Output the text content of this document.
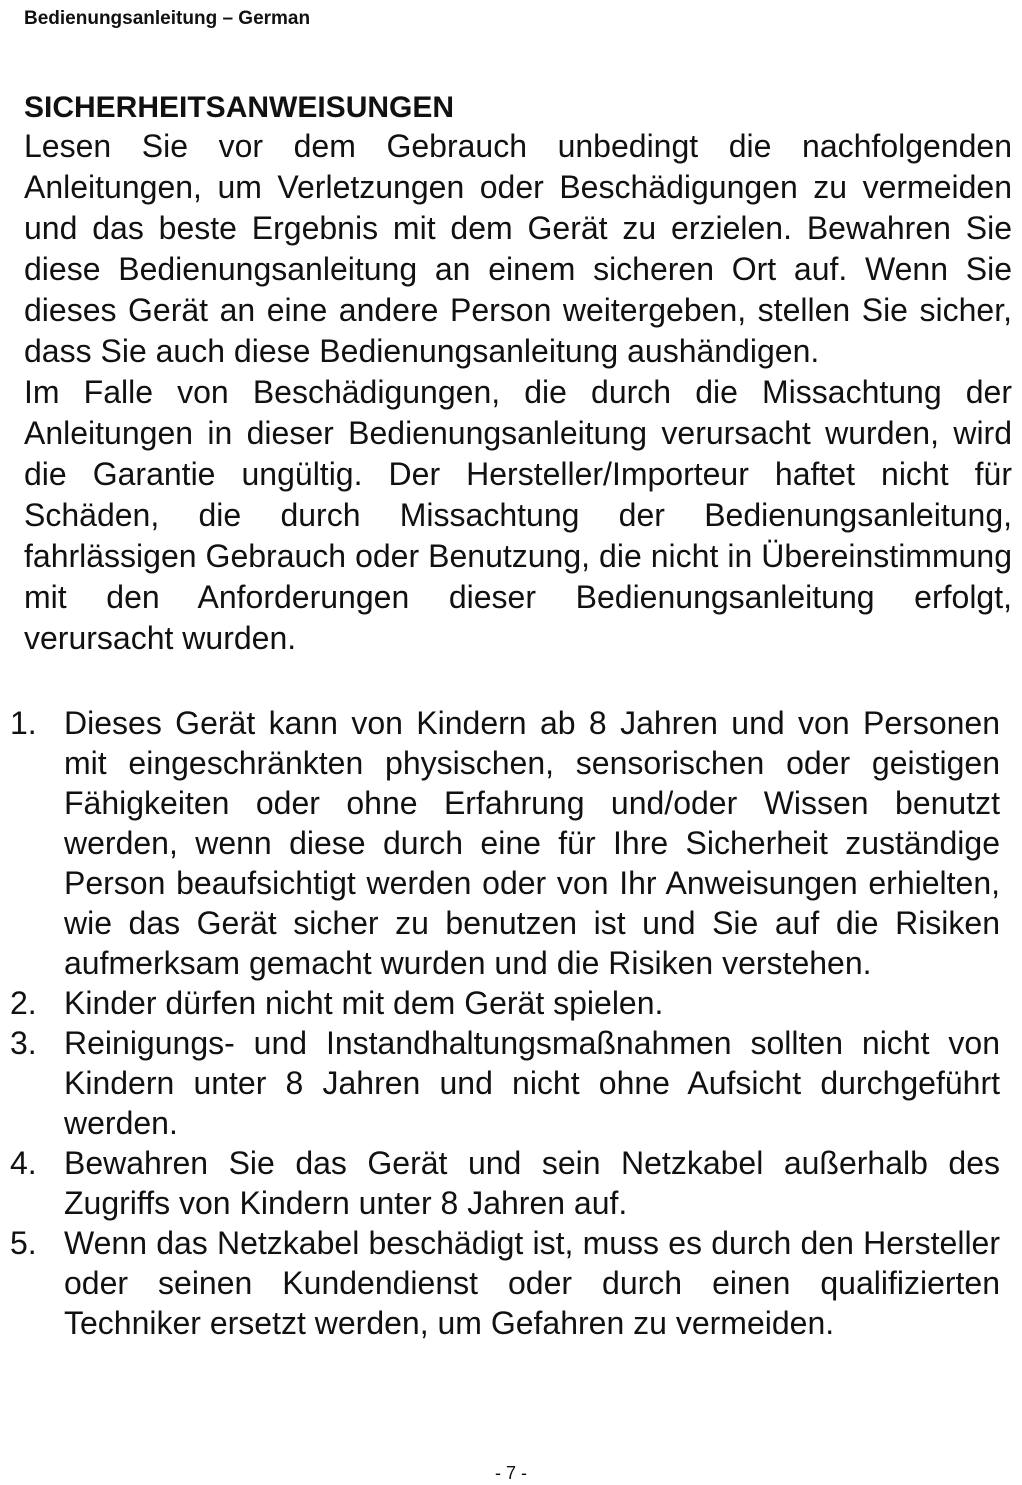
Bedienungsanleitung – German
SICHERHEITSANWEISUNGEN

Lesen Sie vor dem Gebrauch unbedingt die nachfolgenden Anleitungen, um Verletzungen oder Beschädigungen zu vermeiden und das beste Ergebnis mit dem Gerät zu erzielen. Bewahren Sie diese Bedienungsanleitung an einem sicheren Ort auf. Wenn Sie dieses Gerät an eine andere Person weitergeben, stellen Sie sicher, dass Sie auch diese Bedienungsanleitung aushändigen.

Im Falle von Beschädigungen, die durch die Missachtung der Anleitungen in dieser Bedienungsanleitung verursacht wurden, wird die Garantie ungültig. Der Hersteller/Importeur haftet nicht für Schäden, die durch Missachtung der Bedienungsanleitung, fahrlässigen Gebrauch oder Benutzung, die nicht in Übereinstimmung mit den Anforderungen dieser Bedienungsanleitung erfolgt, verursacht wurden.

1. Dieses Gerät kann von Kindern ab 8 Jahren und von Personen mit eingeschränkten physischen, sensorischen oder geistigen Fähigkeiten oder ohne Erfahrung und/oder Wissen benutzt werden, wenn diese durch eine für Ihre Sicherheit zuständige Person beaufsichtigt werden oder von Ihr Anweisungen erhielten, wie das Gerät sicher zu benutzen ist und Sie auf die Risiken aufmerksam gemacht wurden und die Risiken verstehen.
2. Kinder dürfen nicht mit dem Gerät spielen.
3. Reinigungs- und Instandhaltungsmaßnahmen sollten nicht von Kindern unter 8 Jahren und nicht ohne Aufsicht durchgeführt werden.
4. Bewahren Sie das Gerät und sein Netzkabel außerhalb des Zugriffs von Kindern unter 8 Jahren auf.
5. Wenn das Netzkabel beschädigt ist, muss es durch den Hersteller oder seinen Kundendienst oder durch einen qualifizierten Techniker ersetzt werden, um Gefahren zu vermeiden.
- 7 -
